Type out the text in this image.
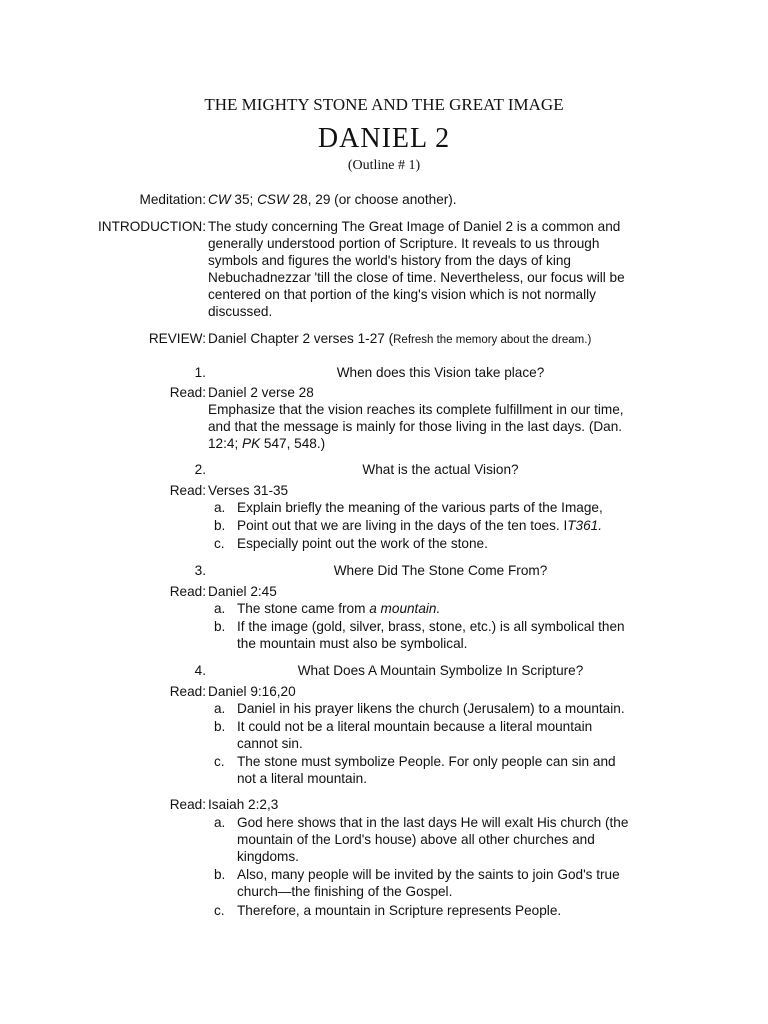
THE MIGHTY STONE AND THE GREAT IMAGE
DANIEL 2
(Outline # 1)
Meditation: CW 35; CSW 28, 29 (or choose another).
INTRODUCTION: The study concerning The Great Image of Daniel 2 is a common and
generally understood portion of Scripture. It reveals to us through
symbols and figures the world's history from the days of king
Nebuchadnezzar 'till the close of time. Nevertheless, our focus will be
centered on that portion of the king's vision which is not normally
discussed.
REVIEW: Daniel Chapter 2 verses 1-27 (Refresh the memory about the dream.)
1.	When does this Vision take place?
Read: Daniel 2 verse 28
Emphasize that the vision reaches its complete fulfillment in our time,
and that the message is mainly for those living in the last days. (Dan.
12:4; PK 547, 548.)
2.	What is the actual Vision?
Read: Verses 31-35
a. Explain briefly the meaning of the various parts of the Image,
b. Point out that we are living in the days of the ten toes. IT361.
c. Especially point out the work of the stone.
3.	Where Did The Stone Come From?
Read: Daniel 2:45
a. The stone came from a mountain.
b. If the image (gold, silver, brass, stone, etc.) is all symbolical then
the mountain must also be symbolical.
4.	What Does A Mountain Symbolize In Scripture?
Read: Daniel 9:16,20
a. Daniel in his prayer likens the church (Jerusalem) to a mountain.
b. It could not be a literal mountain because a literal mountain
cannot sin.
c. The stone must symbolize People. For only people can sin and
not a literal mountain.
Read: Isaiah 2:2,3
a. God here shows that in the last days He will exalt His church (the
mountain of the Lord's house) above all other churches and
kingdoms.
b. Also, many people will be invited by the saints to join God's true
church—the finishing of the Gospel.
c. Therefore, a mountain in Scripture represents People.
